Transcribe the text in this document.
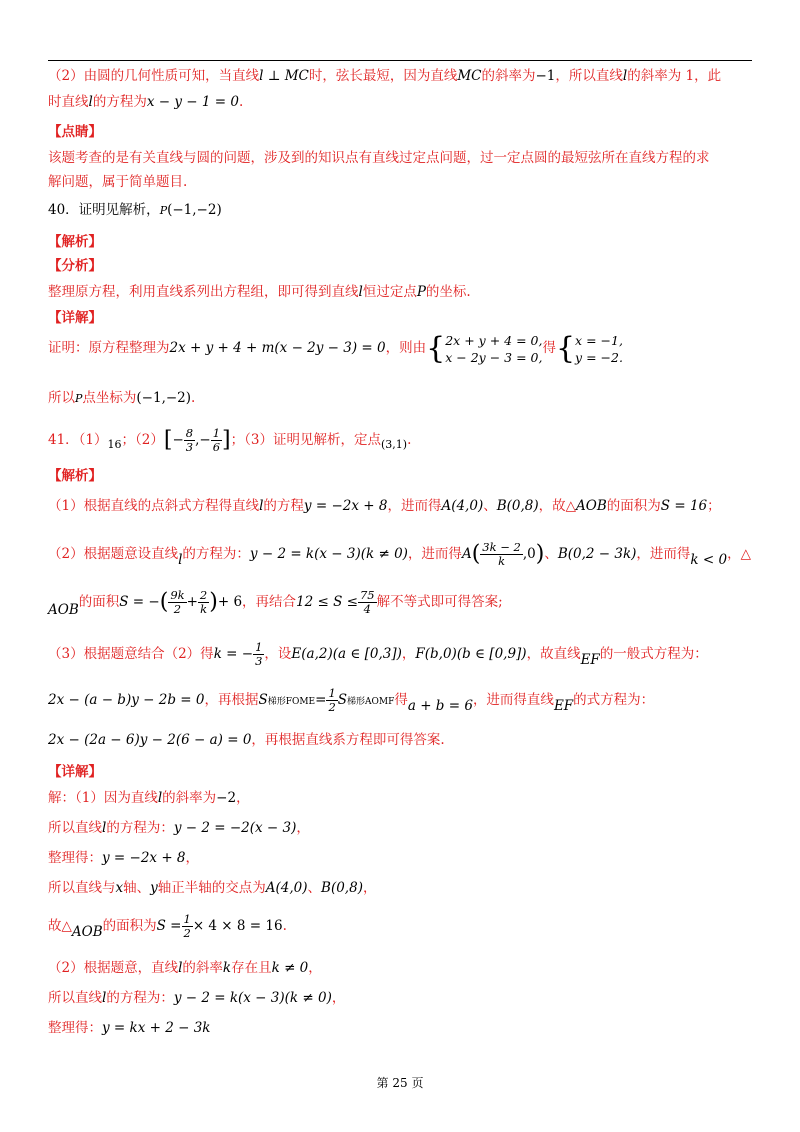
（2）由圆的几何性质可知，当直线l ⊥ MC时，弦长最短，因为直线MC的斜率为−1，所以直线l的斜率为 1，此
时直线l的方程为x − y − 1 = 0.
【点睛】
该题考查的是有关直线与圆的问题，涉及到的知识点有直线过定点问题，过一定点圆的最短弦所在直线方程的求
解问题，属于简单题目.
40．证明见解析，P(−1,−2)
【解析】
【分析】
整理原方程，利用直线系列出方程组，即可得到直线l恒过定点P的坐标.
【详解】
证明：原方程整理为2x + y + 4 + m(x − 2y − 3) = 0，则由{ 2x + y + 4 = 0,
x − 2y − 3 = 0,
得{ x = −1,
y = −2.
所以P点坐标为(−1,−2).
41．$(1)_{16}$；$(2)[- \frac{8}{3}$ ,− $\frac{1}{6}$ ]；（3）证明见解析，定点$_{(3,1)}$.
【解析】
（1）根据直线的点斜式方程得直线l的方程y = −2x + 8，进而得A(4,0)、B(0,8)，故△AOB的面积为S = 16；
（2）根据题意设直线l的方程为：y − 2 = k(x − 3)(k ≠ 0)，进而得$A( \frac{3k - 2}{k} ,0)$、B(0,2 − 3k)，进而得k < 0，△
AOB的面积S = −( $\frac{9k}{2} + \frac{2}{k}$ )+ 6，再结合$12 \le S \le \frac{75}{4}$ 解不等式即可得答案;
（3）根据题意结合（2）得k = − $\frac{1}{3}$ ，设E(a,2)(a ∈ [0,3])，F(b,0)(b ∈ [0,9])，故直线EF的一般式方程为：
2x − (a − b)y − 2b = 0，再根据S梯形FOME= $\frac{1}{2}$ S梯形AOMF得a + b = 6，进而得直线EF的式方程为：
2x − (2a − 6)y − 2(6 − a) = 0，再根据直线系方程即可得答案.
【详解】
解：（1）因为直线l的斜率为−2，
所以直线l的方程为：y − 2 = −2(x − 3)，
整理得：y = −2x + 8，
所以直线与x轴、y轴正半轴的交点为A(4,0)、B(0,8)，
故△AOB的面积为$S = \frac{1}{2} \times 4 \times 8 = 16$.
（2）根据题意，直线l的斜率k存在且k ≠ 0，
所以直线l的方程为：y − 2 = k(x − 3)(k ≠ 0)，
整理得：y = kx + 2 − 3k
第 25 页
